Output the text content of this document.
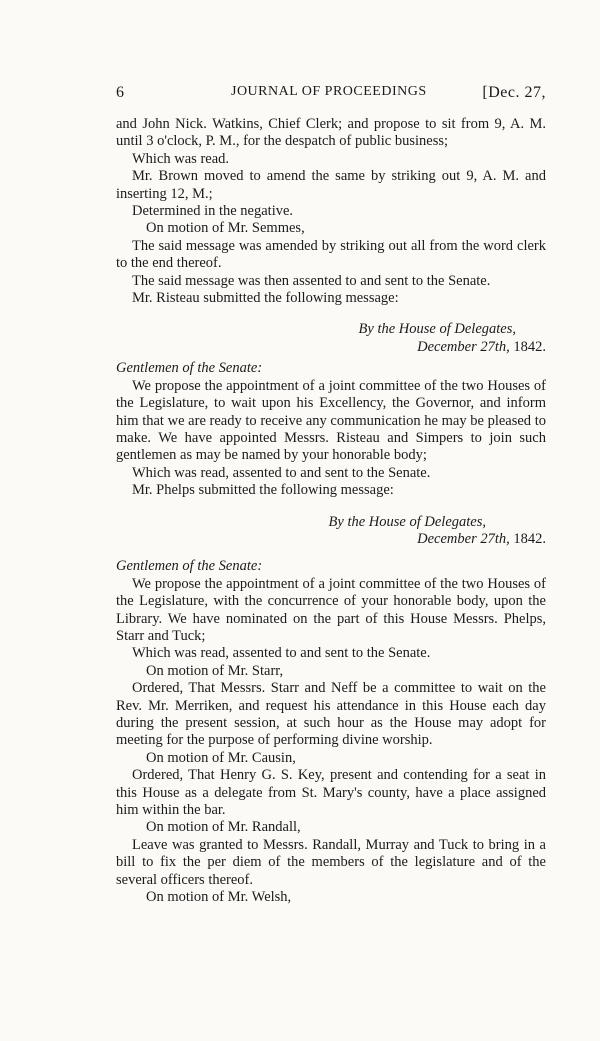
6	JOURNAL OF PROCEEDINGS	[Dec. 27,

and John Nick. Watkins, Chief Clerk; and propose to sit from 9, A. M. until 3 o'clock, P. M., for the despatch of public business;

Which was read.

Mr. Brown moved to amend the same by striking out 9, A. M. and inserting 12, M.;

Determined in the negative.

On motion of Mr. Semmes,

The said message was amended by striking out all from the word clerk to the end thereof.

The said message was then assented to and sent to the Senate.

Mr. Risteau submitted the following message:

By the House of Delegates,

December 27th, 1842.

Gentlemen of the Senate:

We propose the appointment of a joint committee of the two Houses of the Legislature, to wait upon his Excellency, the Governor, and inform him that we are ready to receive any communication he may be pleased to make. We have appointed Messrs. Risteau and Simpers to join such gentlemen as may be named by your honorable body;

Which was read, assented to and sent to the Senate.

Mr. Phelps submitted the following message:

By the House of Delegates,

December 27th, 1842.

Gentlemen of the Senate:

We propose the appointment of a joint committee of the two Houses of the Legislature, with the concurrence of your honorable body, upon the Library. We have nominated on the part of this House Messrs. Phelps, Starr and Tuck;

Which was read, assented to and sent to the Senate.

On motion of Mr. Starr,

Ordered, That Messrs. Starr and Neff be a committee to wait on the Rev. Mr. Merriken, and request his attendance in this House each day during the present session, at such hour as the House may adopt for meeting for the purpose of performing divine worship.

On motion of Mr. Causin,

Ordered, That Henry G. S. Key, present and contending for a seat in this House as a delegate from St. Mary's county, have a place assigned him within the bar.

On motion of Mr. Randall,

Leave was granted to Messrs. Randall, Murray and Tuck to bring in a bill to fix the per diem of the members of the legislature and of the several officers thereof.

On motion of Mr. Welsh,
